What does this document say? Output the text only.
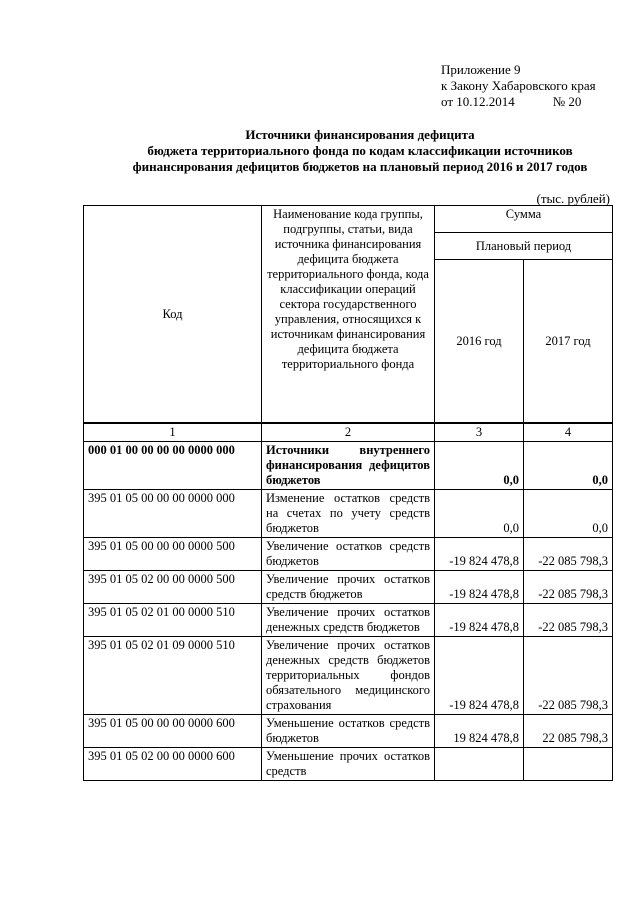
Приложение 9
к Закону Хабаровского края
от 10.12.2014	№ 20
Источники финансирования дефицита
бюджета территориального фонда по кодам классификации источников
финансирования дефицитов бюджетов на плановый период 2016 и 2017 годов
(тыс. рублей)
Код	Наименование кода группы, подгруппы, статьи, вида источника финансирования дефицита бюджета территориального фонда, кода классификации операций сектора государственного управления, относящихся к источникам финансирования дефицита бюджета территориального фонда	Сумма	
		Плановый период	
		2016 год	2017 год
1	2	3	4
000 01 00 00 00 00 0000 000	Источники внутреннего финансирования дефицитов бюджетов	0,0	0,0
395 01 05 00 00 00 0000 000	Изменение остатков средств на счетах по учету средств бюджетов	0,0	0,0
395 01 05 00 00 00 0000 500	Увеличение остатков средств бюджетов	-19 824 478,8	-22 085 798,3
395 01 05 02 00 00 0000 500	Увеличение прочих остатков средств бюджетов	-19 824 478,8	-22 085 798,3
395 01 05 02 01 00 0000 510	Увеличение прочих остатков денежных средств бюджетов	-19 824 478,8	-22 085 798,3
395 01 05 02 01 09 0000 510	Увеличение прочих остатков денежных средств бюджетов территориальных фондов обязательного медицинского страхования	-19 824 478,8	-22 085 798,3
395 01 05 00 00 00 0000 600	Уменьшение остатков средств бюджетов	19 824 478,8	22 085 798,3
395 01 05 02 00 00 0000 600	Уменьшение прочих остатков средств		
